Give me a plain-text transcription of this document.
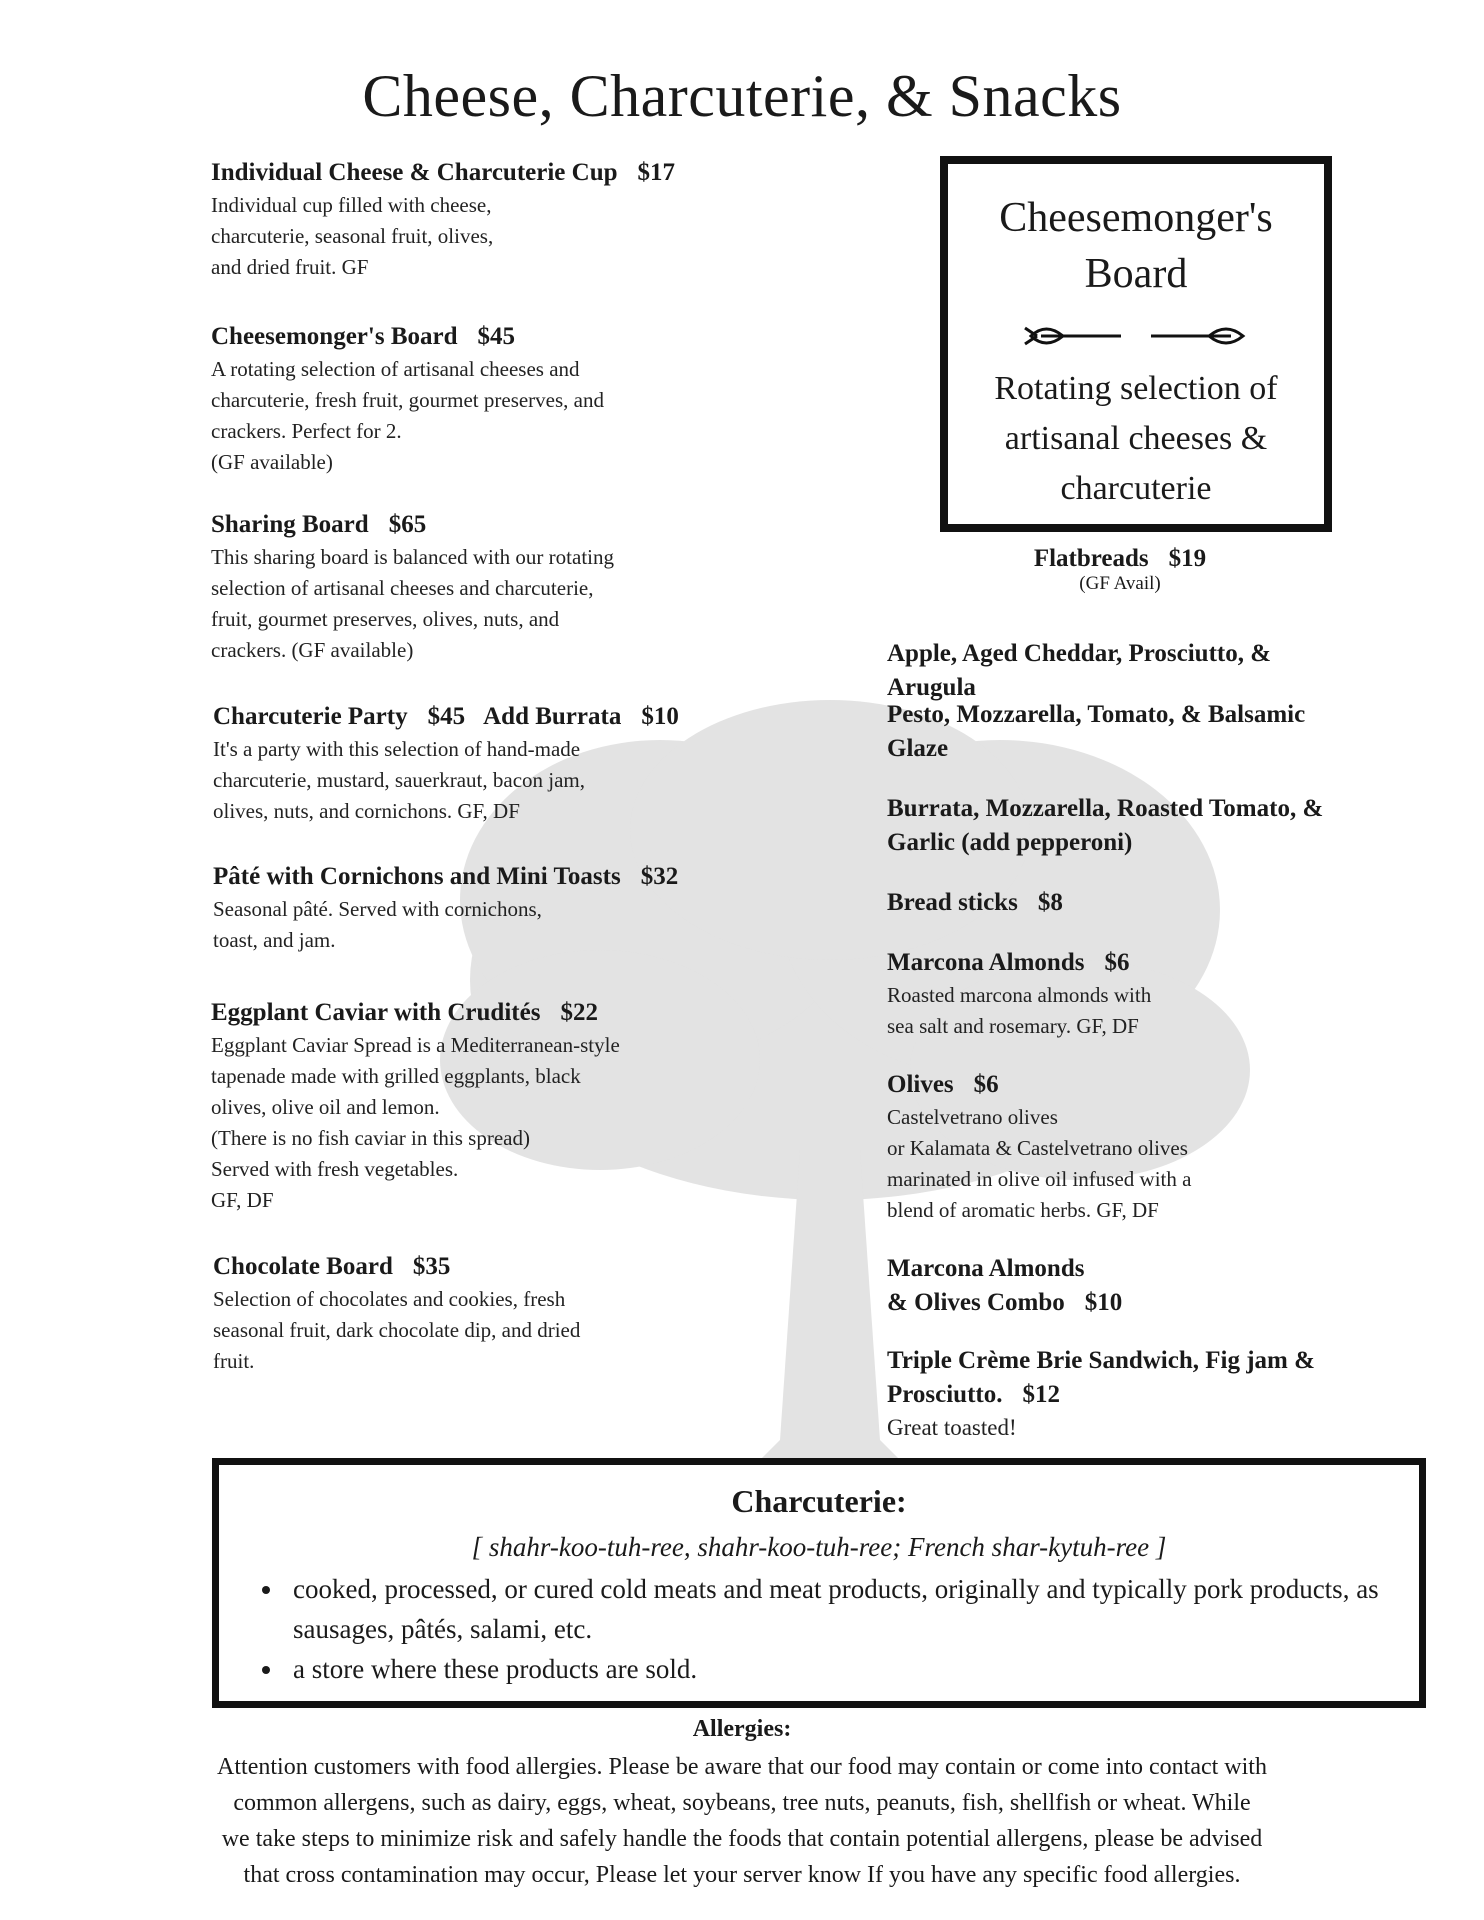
Cheese, Charcuterie, & Snacks
Individual Cheese & Charcuterie Cup $17
Individual cup filled with cheese,
charcuterie, seasonal fruit, olives,
and dried fruit. GF
Cheesemonger's Board $45
A rotating selection of artisanal cheeses and
charcuterie, fresh fruit, gourmet preserves, and
crackers. Perfect for 2.
(GF available)
Sharing Board $65
This sharing board is balanced with our rotating
selection of artisanal cheeses and charcuterie,
fruit, gourmet preserves, olives, nuts, and
crackers. (GF available)
Charcuterie Party $45 Add Burrata $10
It's a party with this selection of hand-made
charcuterie, mustard, sauerkraut, bacon jam,
olives, nuts, and cornichons. GF, DF
Pâté with Cornichons and Mini Toasts $32
Seasonal pâté. Served with cornichons,
toast, and jam.
Eggplant Caviar with Crudités $22
Eggplant Caviar Spread is a Mediterranean-style
tapenade made with grilled eggplants, black
olives, olive oil and lemon.
(There is no fish caviar in this spread)
Served with fresh vegetables.
GF, DF
Chocolate Board $35
Selection of chocolates and cookies, fresh
seasonal fruit, dark chocolate dip, and dried
fruit.
Cheesemonger's
Board
Rotating selection of
artisanal cheeses &
charcuterie
Flatbreads $19
(GF Avail)
Apple, Aged Cheddar, Prosciutto, & Arugula
Pesto, Mozzarella, Tomato, & Balsamic Glaze
Burrata, Mozzarella, Roasted Tomato, & Garlic (add pepperoni)
Bread sticks $8
Marcona Almonds $6
Roasted marcona almonds with
sea salt and rosemary. GF, DF
Olives $6
Castelvetrano olives
or Kalamata & Castelvetrano olives
marinated in olive oil infused with a
blend of aromatic herbs. GF, DF
Marcona Almonds
& Olives Combo $10
Triple Crème Brie Sandwich, Fig jam &
Prosciutto. $12
Great toasted!
Charcuterie:
[ shahr-koo-tuh-ree, shahr-koo-tuh-ree; French shar-kytuh-ree ]
• cooked, processed, or cured cold meats and meat products, originally and typically pork products, as sausages, pâtés, salami, etc.
• a store where these products are sold.
Allergies:
Attention customers with food allergies. Please be aware that our food may contain or come into contact with
common allergens, such as dairy, eggs, wheat, soybeans, tree nuts, peanuts, fish, shellfish or wheat. While
we take steps to minimize risk and safely handle the foods that contain potential allergens, please be advised
that cross contamination may occur, Please let your server know If you have any specific food allergies.
